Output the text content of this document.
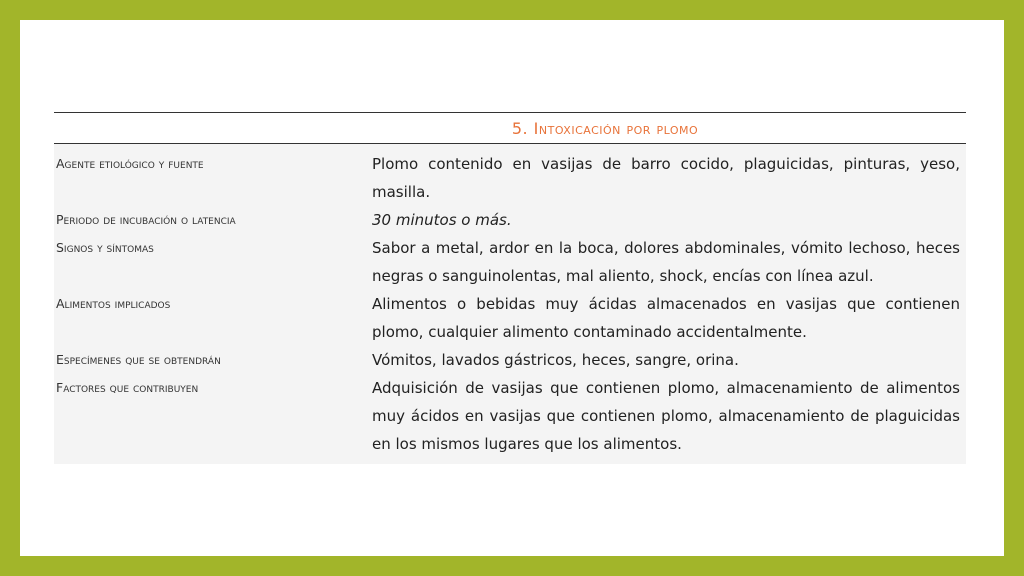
5. Intoxicación por plomo
Agente etiológico y fuente	Plomo contenido en vasijas de barro cocido, plaguicidas, pinturas, yeso, masilla.
Periodo de incubación o latencia	30 minutos o más.
Signos y síntomas	Sabor a metal, ardor en la boca, dolores abdominales, vómito lechoso, heces negras o sanguinolentas, mal aliento, shock, encías con línea azul.
Alimentos implicados	Alimentos o bebidas muy ácidas almacenados en vasijas que contienen plomo, cualquier alimento contaminado accidentalmente.
Especímenes que se obtendrán	Vómitos, lavados gástricos, heces, sangre, orina.
Factores que contribuyen	Adquisición de vasijas que contienen plomo, almacenamiento de alimentos muy ácidos en vasijas que contienen plomo, almacenamiento de plaguicidas en los mismos lugares que los alimentos.
